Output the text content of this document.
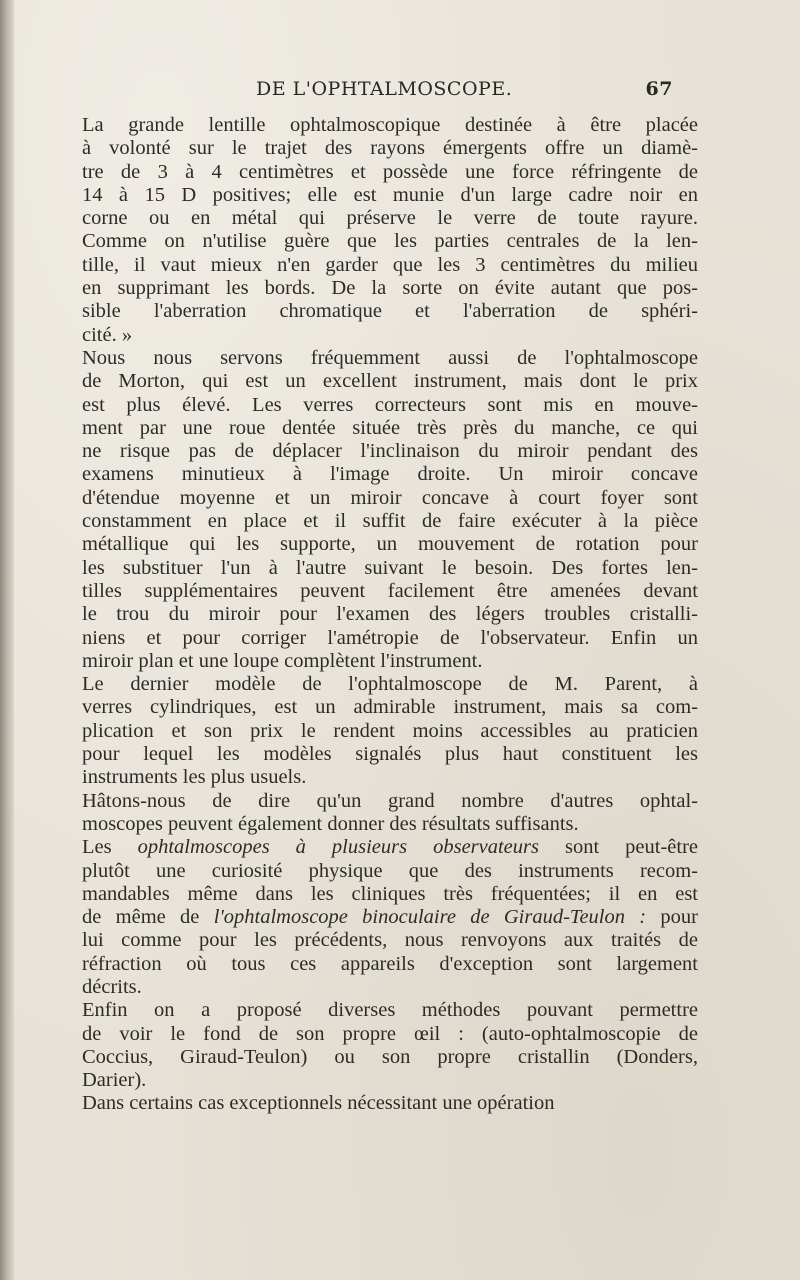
DE L'OPHTALMOSCOPE.	67
La grande lentille ophtalmoscopique destinée à être placée
à volonté sur le trajet des rayons émergents offre un diamè-
tre de 3 à 4 centimètres et possède une force réfringente de
14 à 15 D positives; elle est munie d'un large cadre noir en
corne ou en métal qui préserve le verre de toute rayure.
Comme on n'utilise guère que les parties centrales de la len-
tille, il vaut mieux n'en garder que les 3 centimètres du milieu
en supprimant les bords. De la sorte on évite autant que pos-
sible l'aberration chromatique et l'aberration de sphéri-
cité. »
Nous nous servons fréquemment aussi de l'ophtalmoscope
de Morton, qui est un excellent instrument, mais dont le prix
est plus élevé. Les verres correcteurs sont mis en mouve-
ment par une roue dentée située très près du manche, ce qui
ne risque pas de déplacer l'inclinaison du miroir pendant des
examens minutieux à l'image droite. Un miroir concave
d'étendue moyenne et un miroir concave à court foyer sont
constamment en place et il suffit de faire exécuter à la pièce
métallique qui les supporte, un mouvement de rotation pour
les substituer l'un à l'autre suivant le besoin. Des fortes len-
tilles supplémentaires peuvent facilement être amenées devant
le trou du miroir pour l'examen des légers troubles cristalli-
niens et pour corriger l'amétropie de l'observateur. Enfin un
miroir plan et une loupe complètent l'instrument.
Le dernier modèle de l'ophtalmoscope de M. Parent, à
verres cylindriques, est un admirable instrument, mais sa com-
plication et son prix le rendent moins accessibles au praticien
pour lequel les modèles signalés plus haut constituent les
instruments les plus usuels.
Hâtons-nous de dire qu'un grand nombre d'autres ophtal-
moscopes peuvent également donner des résultats suffisants.
Les ophtalmoscopes à plusieurs observateurs sont peut-être
plutôt une curiosité physique que des instruments recom-
mandables même dans les cliniques très fréquentées; il en est
de même de l'ophtalmoscope binoculaire de Giraud-Teulon : pour
lui comme pour les précédents, nous renvoyons aux traités de
réfraction où tous ces appareils d'exception sont largement
décrits.
Enfin on a proposé diverses méthodes pouvant permettre
de voir le fond de son propre œil : (auto-ophtalmoscopie de
Coccius, Giraud-Teulon) ou son propre cristallin (Donders,
Darier).
Dans certains cas exceptionnels nécessitant une opération
